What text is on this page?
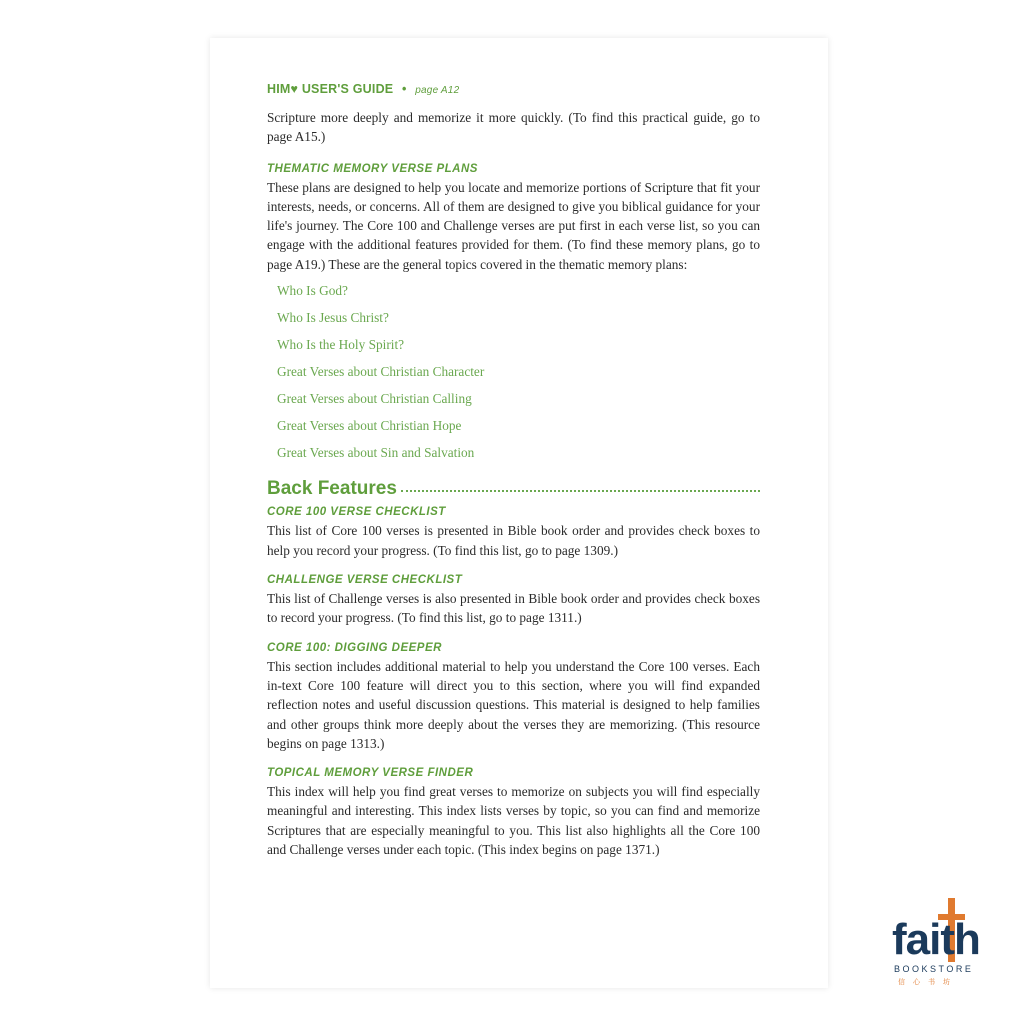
HIM♥ USER'S GUIDE • page A12

Scripture more deeply and memorize it more quickly. (To find this practical guide, go to page A15.)

THEMATIC MEMORY VERSE PLANS

These plans are designed to help you locate and memorize portions of Scripture that fit your interests, needs, or concerns. All of them are designed to give you biblical guidance for your life's journey. The Core 100 and Challenge verses are put first in each verse list, so you can engage with the additional features provided for them. (To find these memory plans, go to page A19.) These are the general topics covered in the thematic memory plans:

Who Is God?
Who Is Jesus Christ?
Who Is the Holy Spirit?
Great Verses about Christian Character
Great Verses about Christian Calling
Great Verses about Christian Hope
Great Verses about Sin and Salvation
Back Features
CORE 100 VERSE CHECKLIST

This list of Core 100 verses is presented in Bible book order and provides check boxes to help you record your progress. (To find this list, go to page 1309.)

CHALLENGE VERSE CHECKLIST

This list of Challenge verses is also presented in Bible book order and provides check boxes to record your progress. (To find this list, go to page 1311.)

CORE 100: DIGGING DEEPER

This section includes additional material to help you understand the Core 100 verses. Each in-text Core 100 feature will direct you to this section, where you will find expanded reflection notes and useful discussion questions. This material is designed to help families and other groups think more deeply about the verses they are memorizing. (This resource begins on page 1313.)

TOPICAL MEMORY VERSE FINDER

This index will help you find great verses to memorize on subjects you will find especially meaningful and interesting. This index lists verses by topic, so you can find and memorize Scriptures that are especially meaningful to you. This list also highlights all the Core 100 and Challenge verses under each topic. (This index begins on page 1371.)

faith
BOOKSTORE
信心书坊
